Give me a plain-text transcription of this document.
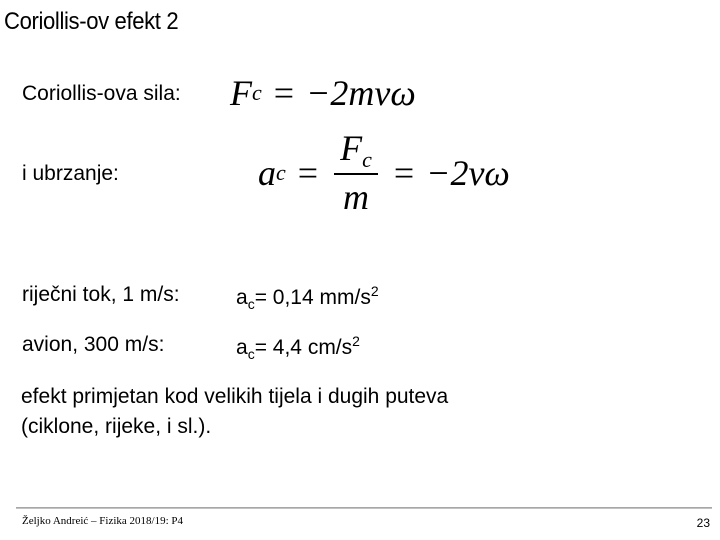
Coriollis-ov efekt 2
Coriollis-ova sila: F c = −2mvω
i ubrzanje:	a $c = \frac{F_c}{m} = -2v\omega$
riječni tok, 1 m/s:	$a_c= 0,14$ $mm/s^2$
avion, 300 m/s:	$a_c= 4,4$ $cm/s^2$
efekt primjetan kod velikih tijela i dugih puteva
(ciklone, rijeke, i sl.).
Željko Andreić – Fizika 2018/19: P4	23
